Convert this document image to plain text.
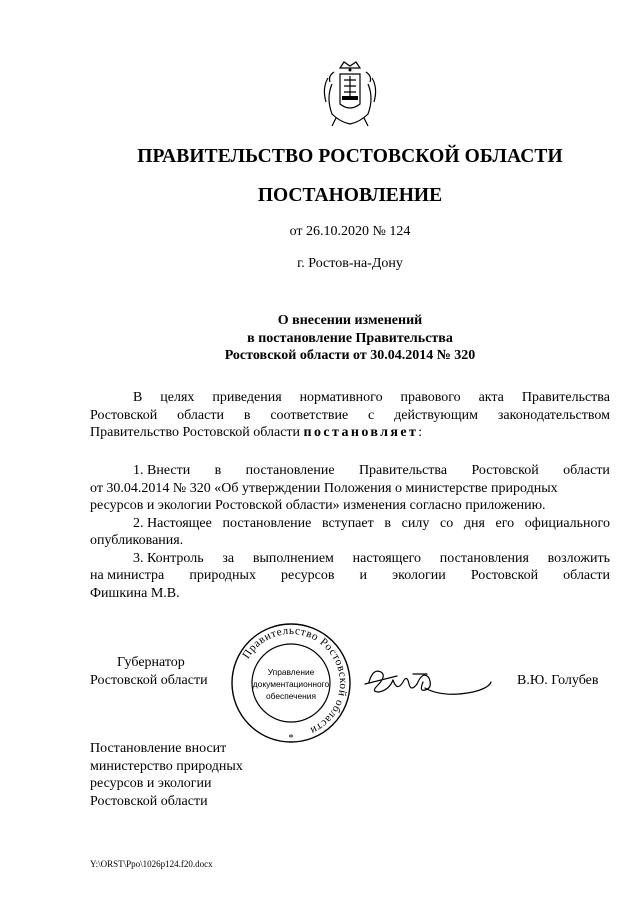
ПРАВИТЕЛЬСТВО РОСТОВСКОЙ ОБЛАСТИ
ПОСТАНОВЛЕНИЕ
от 26.10.2020 № 124
г. Ростов-на-Дону
О внесении изменений
в постановление Правительства
Ростовской области от 30.04.2014 № 320
В целях приведения нормативного правового акта Правительства
Ростовской области в соответствие с действующим законодательством
Правительство Ростовской области постановляет:
1. Внести в постановление Правительства Ростовской области
от 30.04.2014 № 320 «Об утверждении Положения о министерстве природных
ресурсов и экологии Ростовской области» изменения согласно приложению.
2. Настоящее постановление вступает в силу со дня его официального
опубликования.
3. Контроль за выполнением настоящего постановления возложить
на министра природных ресурсов и экологии Ростовской области
Фишкина М.В.
Губернатор
Ростовской области	В.Ю. Голубев
Правительство Ростовской области
Управление
документационного
обеспечения
*
Постановление вносит
министерство природных
ресурсов и экологии
Ростовской области
Y:\ORST\Ppo\1026p124.f20.docx
